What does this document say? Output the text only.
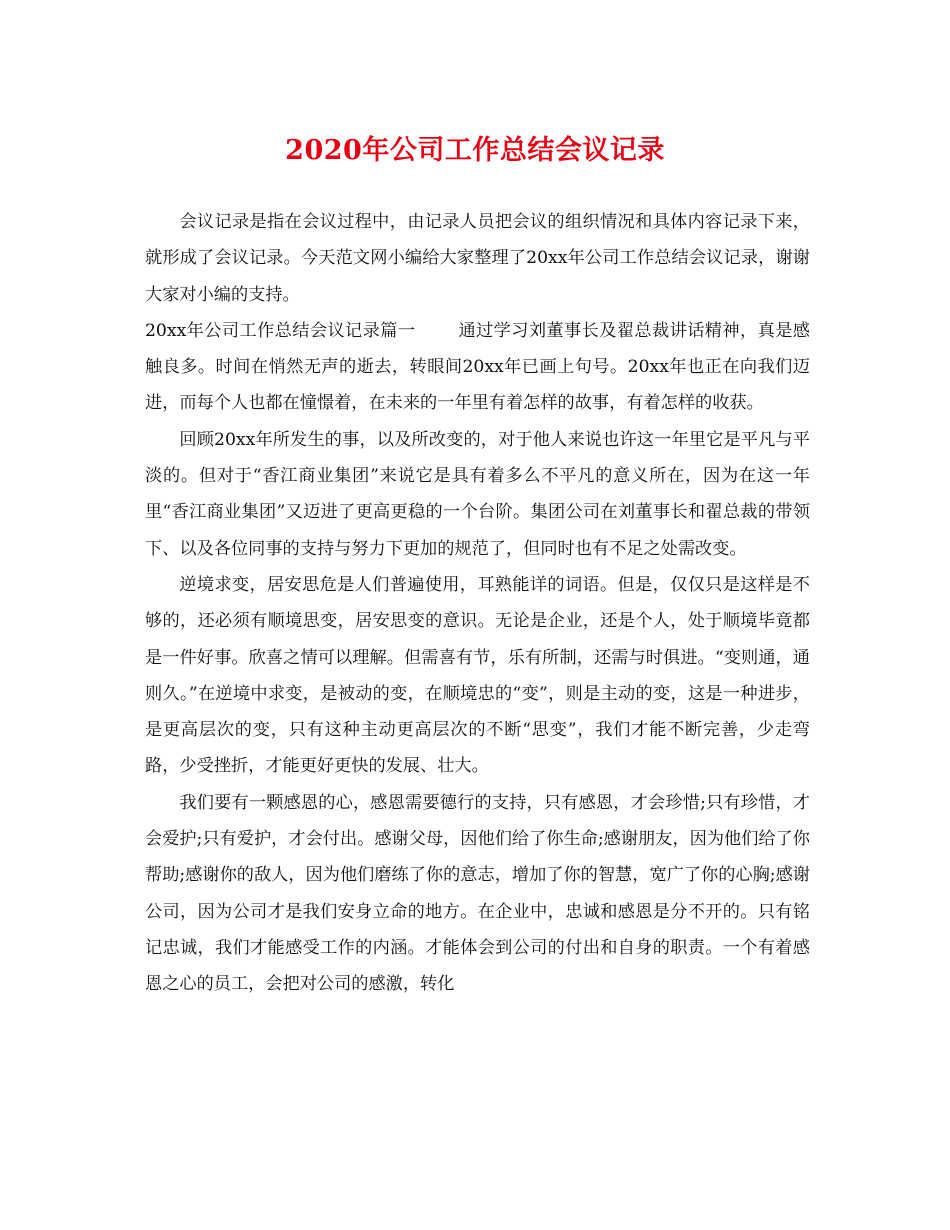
2020年公司工作总结会议记录

会议记录是指在会议过程中，由记录人员把会议的组织情况和具体内容记录下来，就形成了会议记录。今天范文网小编给大家整理了20xx年公司工作总结会议记录，谢谢大家对小编的支持。

20xx年公司工作总结会议记录篇一	通过学习刘董事长及翟总裁讲话精神，真是感触良多。时间在悄然无声的逝去，转眼间20xx年已画上句号。20xx年也正在向我们迈进，而每个人也都在憧憬着，在未来的一年里有着怎样的故事，有着怎样的收获。

回顾20xx年所发生的事，以及所改变的，对于他人来说也许这一年里它是平凡与平淡的。但对于“香江商业集团”来说它是具有着多么不平凡的意义所在，因为在这一年里“香江商业集团”又迈进了更高更稳的一个台阶。集团公司在刘董事长和翟总裁的带领下、以及各位同事的支持与努力下更加的规范了，但同时也有不足之处需改变。

逆境求变，居安思危是人们普遍使用，耳熟能详的词语。但是，仅仅只是这样是不够的，还必须有顺境思变，居安思变的意识。无论是企业，还是个人，处于顺境毕竟都是一件好事。欣喜之情可以理解。但需喜有节，乐有所制，还需与时俱进。“变则通，通则久。”在逆境中求变，是被动的变，在顺境忠的“变”，则是主动的变，这是一种进步，是更高层次的变，只有这种主动更高层次的不断“思变”，我们才能不断完善，少走弯路，少受挫折，才能更好更快的发展、壮大。

我们要有一颗感恩的心，感恩需要德行的支持，只有感恩，才会珍惜;只有珍惜，才会爱护;只有爱护，才会付出。感谢父母，因他们给了你生命;感谢朋友，因为他们给了你帮助;感谢你的敌人，因为他们磨练了你的意志，增加了你的智慧，宽广了你的心胸;感谢公司，因为公司才是我们安身立命的地方。在企业中，忠诚和感恩是分不开的。只有铭记忠诚，我们才能感受工作的内涵。才能体会到公司的付出和自身的职责。一个有着感恩之心的员工，会把对公司的感激，转化
